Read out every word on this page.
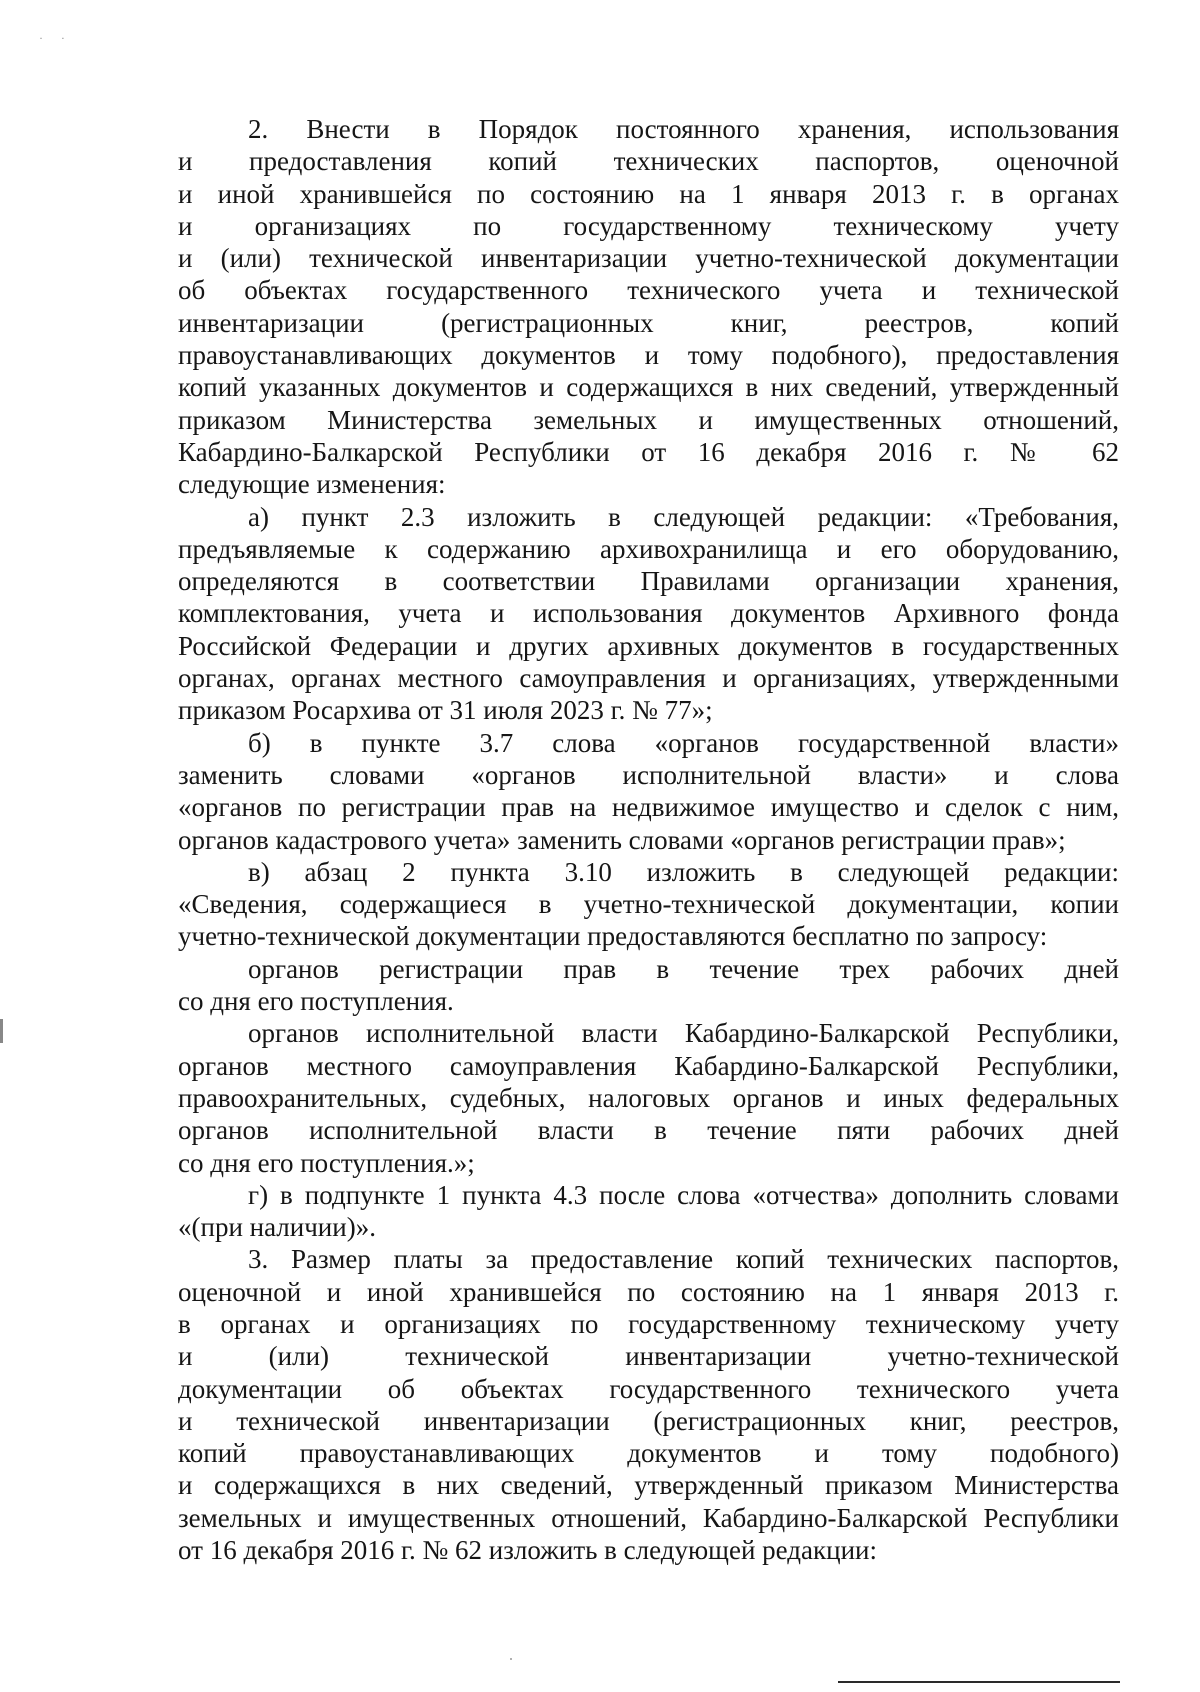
˙ ˙

2. Внести в Порядок постоянного хранения, использования
и предоставления копий технических паспортов, оценочной
и иной хранившейся по состоянию на 1 января 2013 г. в органах
и организациях по государственному техническому учету
и (или) технической инвентаризации учетно-технической документации
об объектах государственного технического учета и технической
инвентаризации (регистрационных книг, реестров, копий
правоустанавливающих документов и тому подобного), предоставления
копий указанных документов и содержащихся в них сведений, утвержденный
приказом Министерства земельных и имущественных отношений,
Кабардино-Балкарской Республики от 16 декабря 2016 г. № 62
следующие изменения:

а) пункт 2.3 изложить в следующей редакции: «Требования,
предъявляемые к содержанию архивохранилища и его оборудованию,
определяются в соответствии Правилами организации хранения,
комплектования, учета и использования документов Архивного фонда
Российской Федерации и других архивных документов в государственных
органах, органах местного самоуправления и организациях, утвержденными
приказом Росархива от 31 июля 2023 г. № 77»;

б) в пункте 3.7 слова «органов государственной власти»
заменить словами «органов исполнительной власти» и слова
«органов по регистрации прав на недвижимое имущество и сделок с ним,
органов кадастрового учета» заменить словами «органов регистрации прав»;

в) абзац 2 пункта 3.10 изложить в следующей редакции:
«Сведения, содержащиеся в учетно-технической документации, копии
учетно-технической документации предоставляются бесплатно по запросу:

органов регистрации прав в течение трех рабочих дней
со дня его поступления.

органов исполнительной власти Кабардино-Балкарской Республики,
органов местного самоуправления Кабардино-Балкарской Республики,
правоохранительных, судебных, налоговых органов и иных федеральных
органов исполнительной власти в течение пяти рабочих дней
со дня его поступления.»;

г) в подпункте 1 пункта 4.3 после слова «отчества» дополнить словами
«(при наличии)».

3. Размер платы за предоставление копий технических паспортов,
оценочной и иной хранившейся по состоянию на 1 января 2013 г.
в органах и организациях по государственному техническому учету
и (или) технической инвентаризации учетно-технической
документации об объектах государственного технического учета
и технической инвентаризации (регистрационных книг, реестров,
копий правоустанавливающих документов и тому подобного)
и содержащихся в них сведений, утвержденный приказом Министерства
земельных и имущественных отношений, Кабардино-Балкарской Республики
от 16 декабря 2016 г. № 62 изложить в следующей редакции:
